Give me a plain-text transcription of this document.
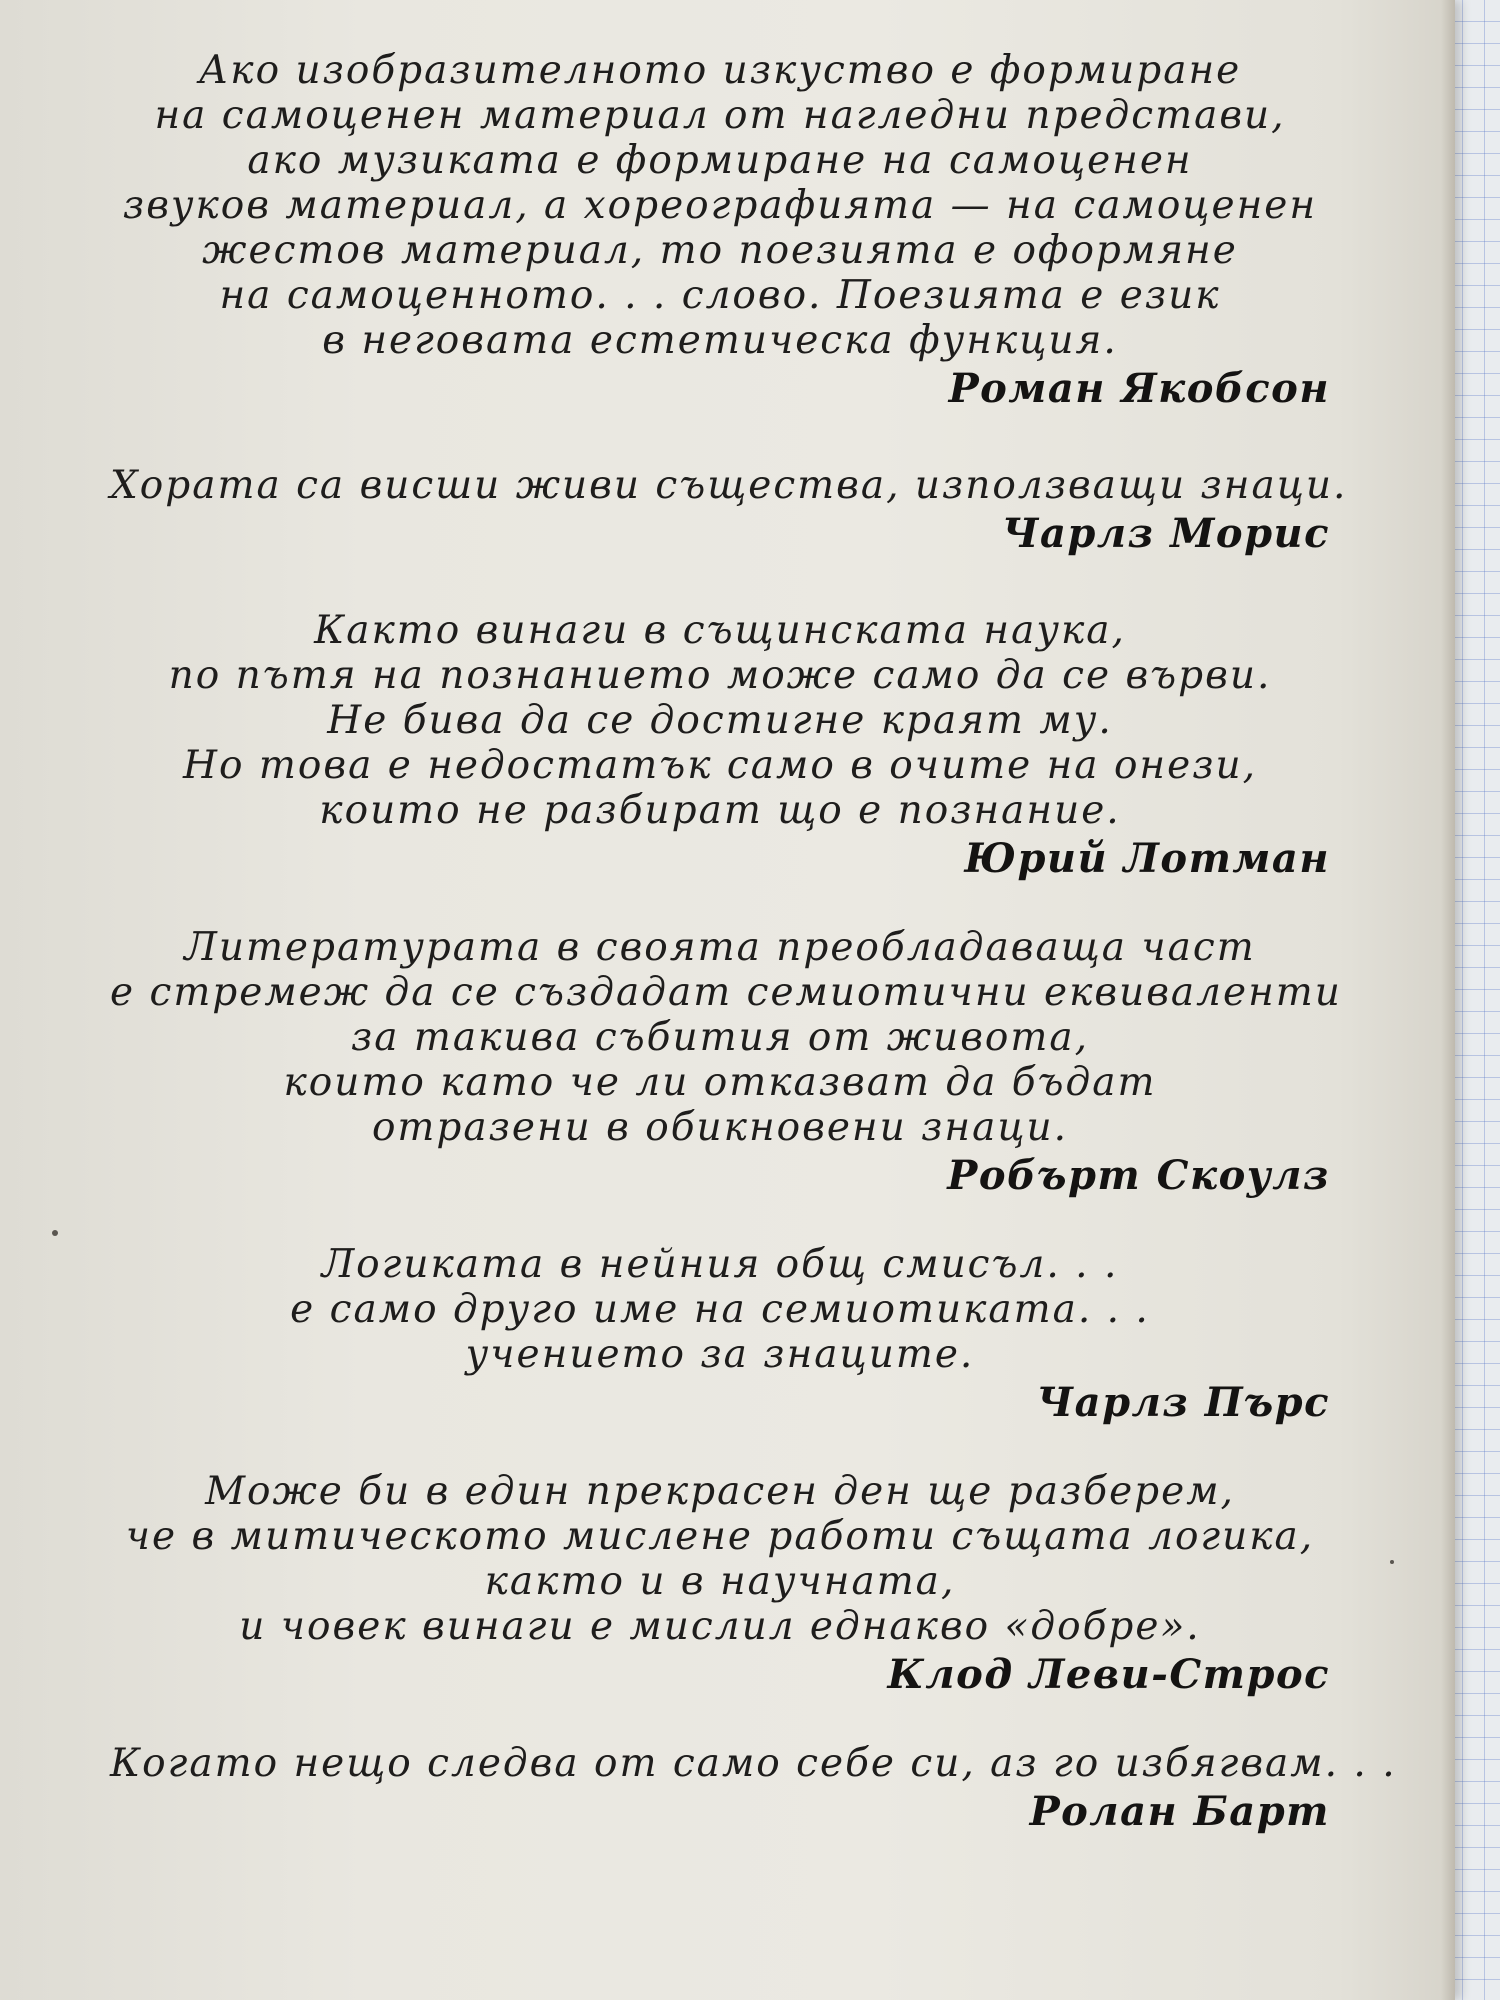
Ако изобразителното изкуство е формиране
на самоценен материал от нагледни представи,
ако музиката е формиране на самоценен
звуков материал, а хореографията — на самоценен
жестов материал, то поезията е оформяне
на самоценното. . . слово. Поезията е език
в неговата естетическа функция.
Роман Якобсон
Хората са висши живи същества, използващи знаци.
Чарлз Морис
Както винаги в същинската наука,
по пътя на познанието може само да се върви.
Не бива да се достигне краят му.
Но това е недостатък само в очите на онези,
които не разбират що е познание.
Юрий Лотман
Литературата в своята преобладаваща част
е стремеж да се създадат семиотични еквиваленти
за такива събития от живота,
които като че ли отказват да бъдат
отразени в обикновени знаци.
Робърт Скоулз
Логиката в нейния общ смисъл. . .
е само друго име на семиотиката. . .
учението за знаците.
Чарлз Пърс
Може би в един прекрасен ден ще разберем,
че в митическото мислене работи същата логика,
както и в научната,
и човек винаги е мислил еднакво «добре».
Клод Леви-Строс
Когато нещо следва от само себе си, аз го избягвам. . .
Ролан Барт
